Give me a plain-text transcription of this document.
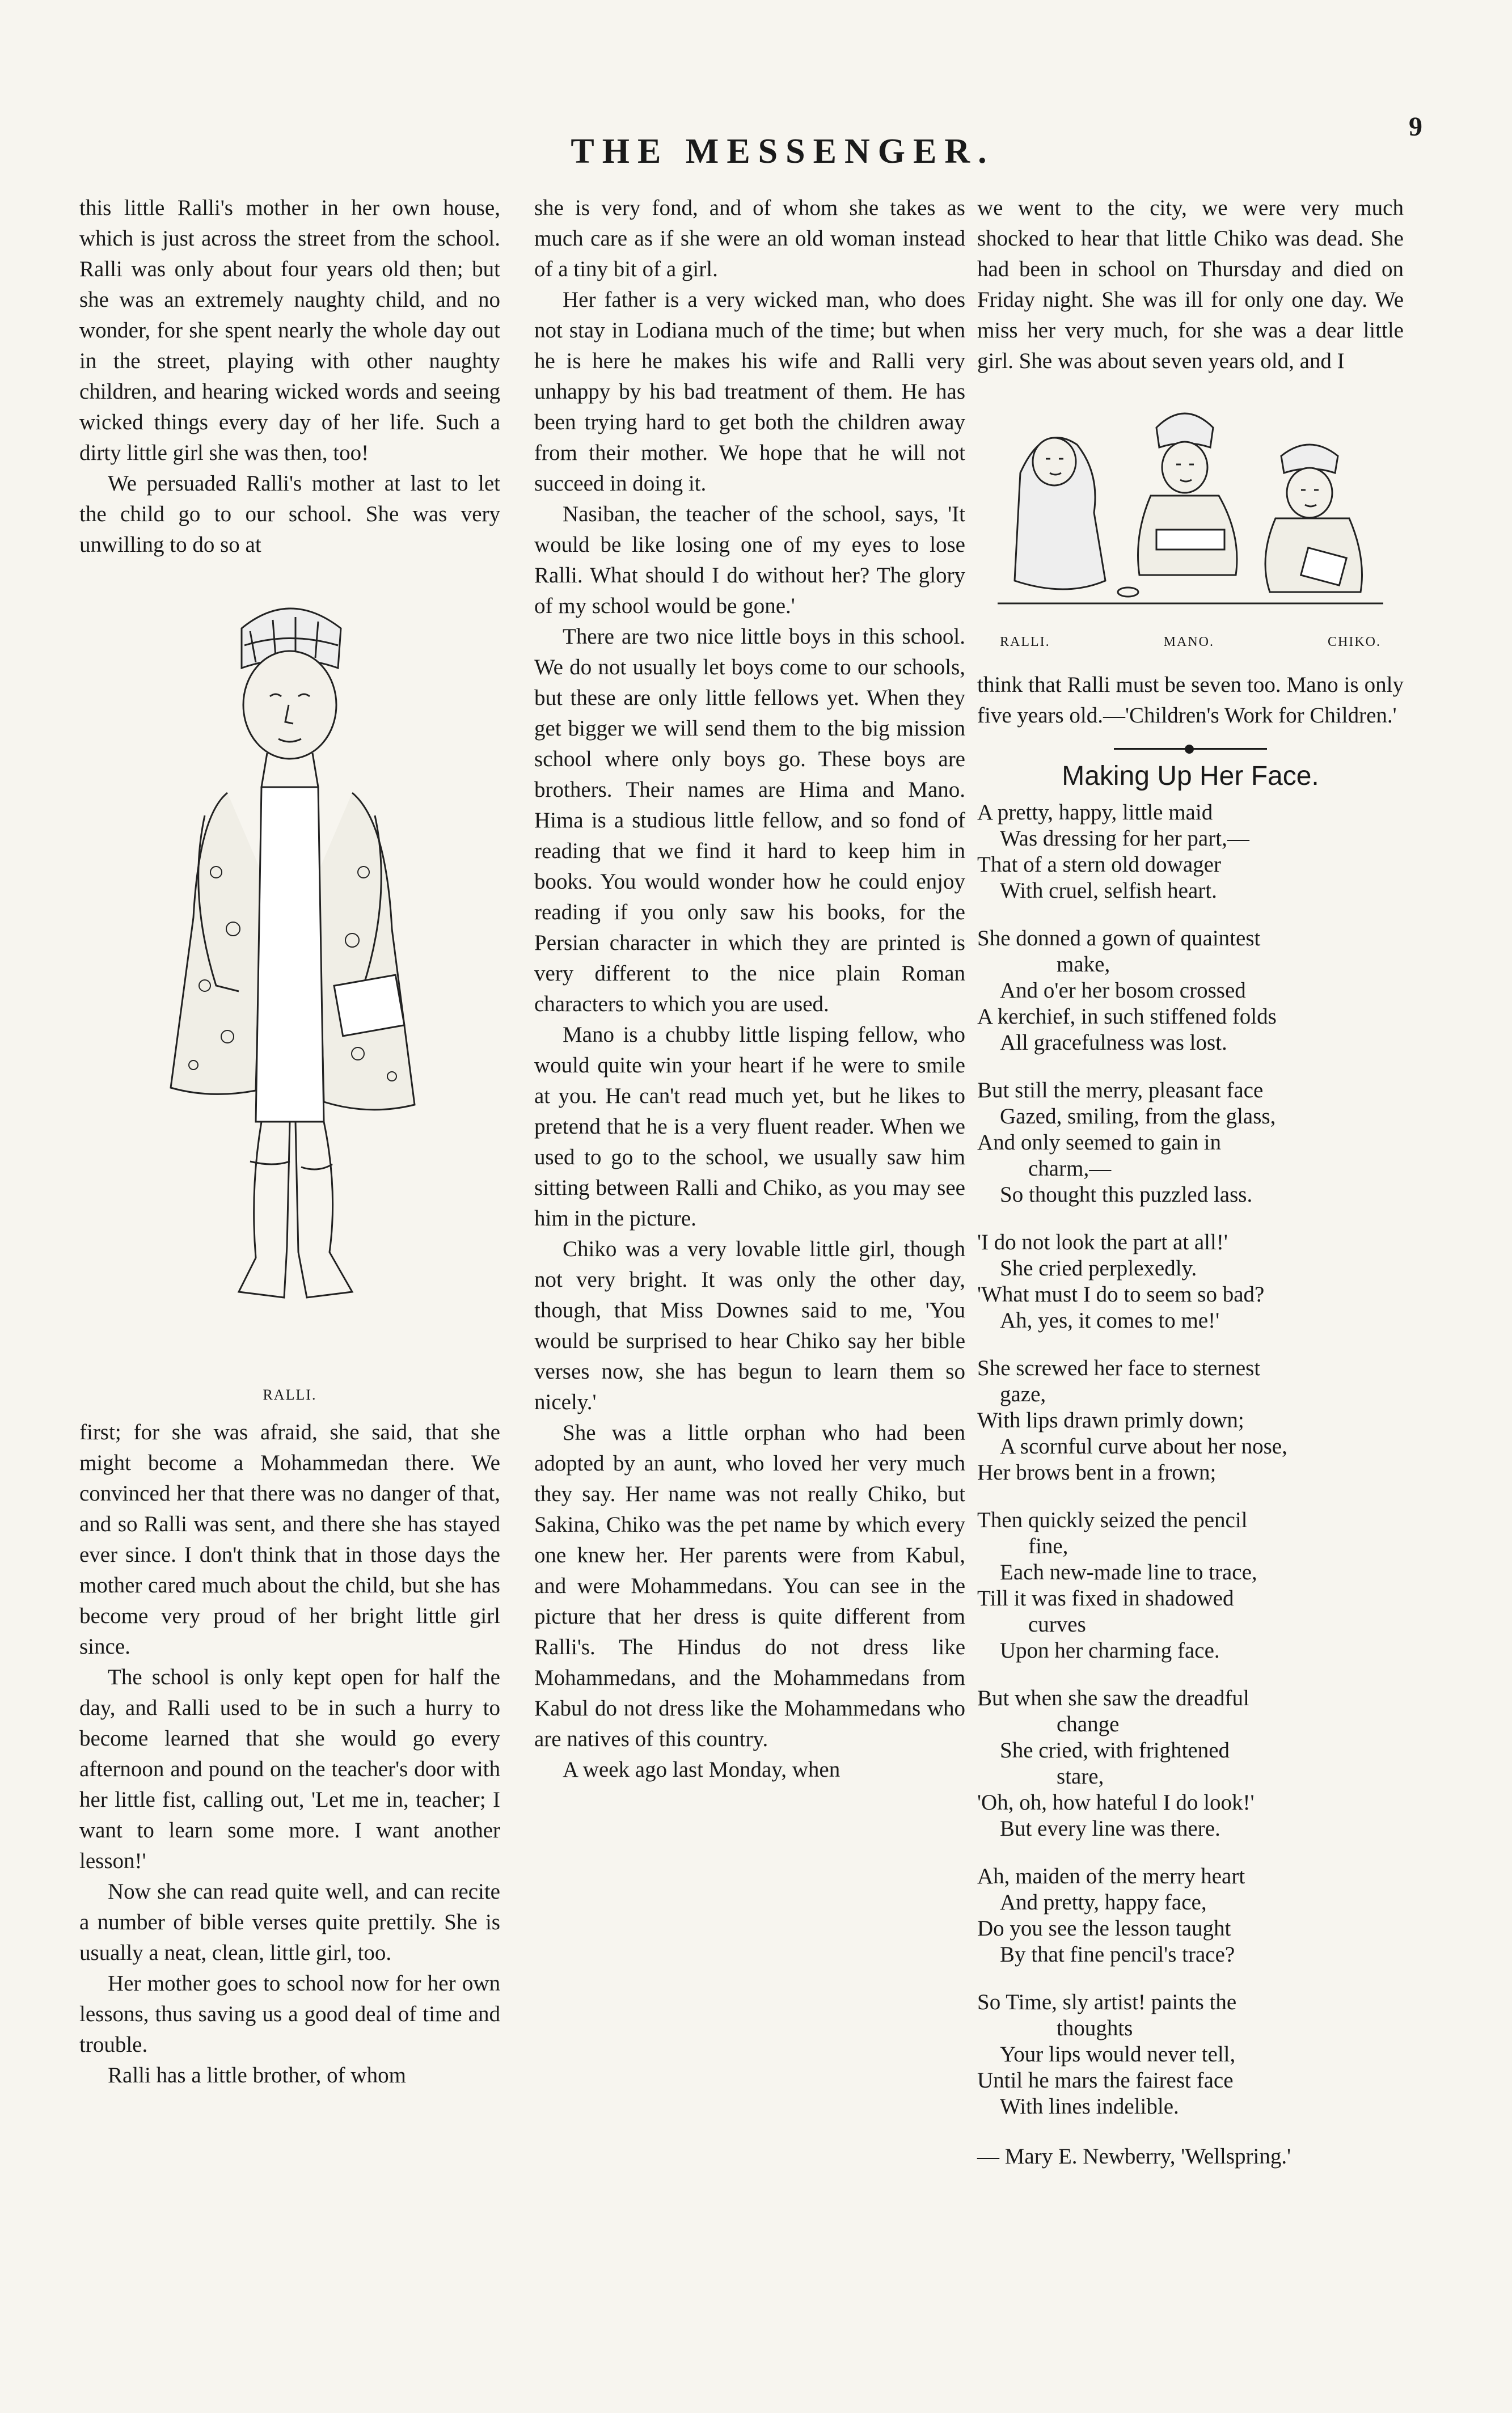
9
THE MESSENGER.

this little Ralli's mother in her own house, which is just across the street from the school. Ralli was only about four years old then; but she was an extremely naughty child, and no wonder, for she spent nearly the whole day out in the street, playing with other naughty children, and hearing wicked words and seeing wicked things every day of her life. Such a dirty little girl she was then, too!

We persuaded Ralli's mother at last to let the child go to our school. She was very unwilling to do so at

RALLI.

first; for she was afraid, she said, that she might become a Mohammedan there. We convinced her that there was no danger of that, and so Ralli was sent, and there she has stayed ever since. I don't think that in those days the mother cared much about the child, but she has become very proud of her bright little girl since.

The school is only kept open for half the day, and Ralli used to be in such a hurry to become learned that she would go every afternoon and pound on the teacher's door with her little fist, calling out, 'Let me in, teacher; I want to learn some more. I want another lesson!'

Now she can read quite well, and can recite a number of bible verses quite prettily. She is usually a neat, clean, little girl, too.

Her mother goes to school now for her own lessons, thus saving us a good deal of time and trouble.

Ralli has a little brother, of whom

she is very fond, and of whom she takes as much care as if she were an old woman instead of a tiny bit of a girl.

Her father is a very wicked man, who does not stay in Lodiana much of the time; but when he is here he makes his wife and Ralli very unhappy by his bad treatment of them. He has been trying hard to get both the children away from their mother. We hope that he will not succeed in doing it.

Nasiban, the teacher of the school, says, 'It would be like losing one of my eyes to lose Ralli. What should I do without her? The glory of my school would be gone.'

There are two nice little boys in this school. We do not usually let boys come to our schools, but these are only little fellows yet. When they get bigger we will send them to the big mission school where only boys go. These boys are brothers. Their names are Hima and Mano. Hima is a studious little fellow, and so fond of reading that we find it hard to keep him in books. You would wonder how he could enjoy reading if you only saw his books, for the Persian character in which they are printed is very different to the nice plain Roman characters to which you are used.

Mano is a chubby little lisping fellow, who would quite win your heart if he were to smile at you. He can't read much yet, but he likes to pretend that he is a very fluent reader. When we used to go to the school, we usually saw him sitting between Ralli and Chiko, as you may see him in the picture.

Chiko was a very lovable little girl, though not very bright. It was only the other day, though, that Miss Downes said to me, 'You would be surprised to hear Chiko say her bible verses now, she has begun to learn them so nicely.'

She was a little orphan who had been adopted by an aunt, who loved her very much they say. Her name was not really Chiko, but Sakina, Chiko was the pet name by which every one knew her. Her parents were from Kabul, and were Mohammedans. You can see in the picture that her dress is quite different from Ralli's. The Hindus do not dress like Mohammedans, and the Mohammedans from Kabul do not dress like the Mohammedans who are natives of this country.

A week ago last Monday, when

we went to the city, we were very much shocked to hear that little Chiko was dead. She had been in school on Thursday and died on Friday night. She was ill for only one day. We miss her very much, for she was a dear little girl. She was about seven years old, and I

RALLI.	MANO.	CHIKO.

think that Ralli must be seven too. Mano is only five years old.—'Children's Work for Children.'

Making Up Her Face.
A pretty, happy, little maid
Was dressing for her part,—
That of a stern old dowager
With cruel, selfish heart.
She donned a gown of quaintest
make,
And o'er her bosom crossed
A kerchief, in such stiffened folds
All gracefulness was lost.
But still the merry, pleasant face
Gazed, smiling, from the glass,
And only seemed to gain in
charm,—
So thought this puzzled lass.
'I do not look the part at all!'
She cried perplexedly.
'What must I do to seem so bad?
Ah, yes, it comes to me!'
She screwed her face to sternest
gaze,
With lips drawn primly down;
A scornful curve about her nose,
Her brows bent in a frown;
Then quickly seized the pencil
fine,
Each new-made line to trace,
Till it was fixed in shadowed
curves
Upon her charming face.
But when she saw the dreadful
change
She cried, with frightened
stare,
'Oh, oh, how hateful I do look!'
But every line was there.
Ah, maiden of the merry heart
And pretty, happy face,
Do you see the lesson taught
By that fine pencil's trace?
So Time, sly artist! paints the
thoughts
Your lips would never tell,
Until he mars the fairest face
With lines indelible.
— Mary E. Newberry, 'Wellspring.'
